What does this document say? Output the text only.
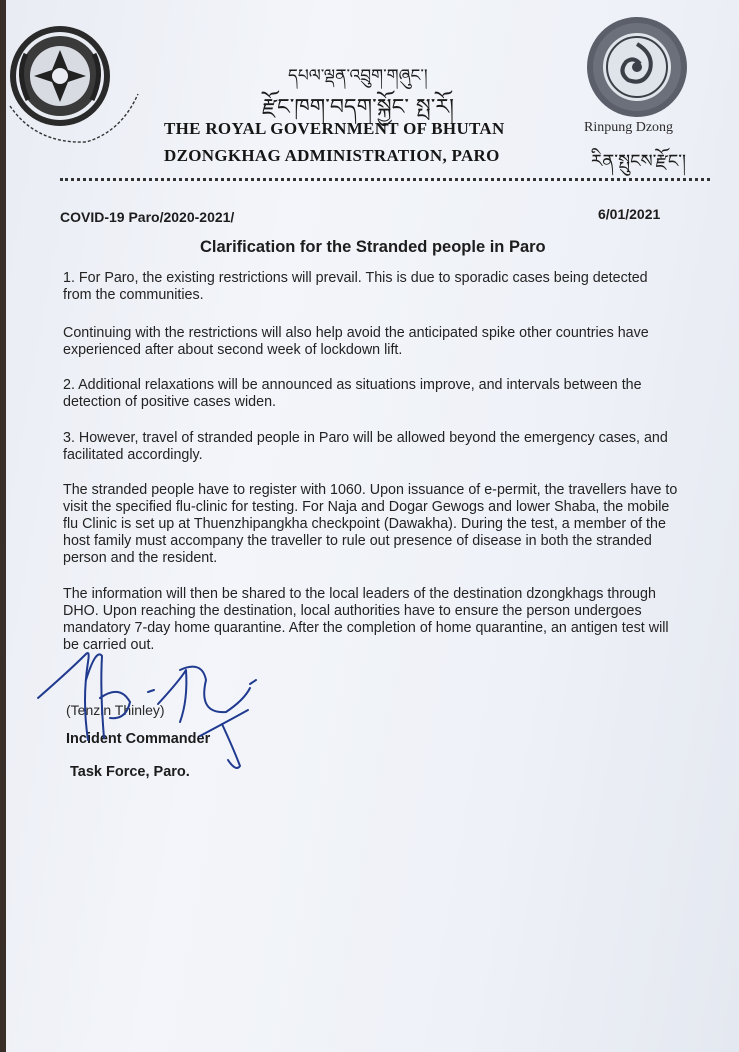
དཔལ་ལྡན་འབྲུག་གཞུང་།
རྫོང་ཁག་བདག་སྐྱོང་ སྤ་རོ།
THE ROYAL GOVERNMENT OF BHUTAN
DZONGKHAG ADMINISTRATION, PARO
Rinpung Dzong
རིན་སྤུངས་རྫོང་།
COVID-19 Paro/2020-2021/	6/01/2021
Clarification for the Stranded people in Paro
1. For Paro, the existing restrictions will prevail. This is due to sporadic cases being detected
from the communities.
Continuing with the restrictions will also help avoid the anticipated spike other countries have
experienced after about second week of lockdown lift.
2. Additional relaxations will be announced as situations improve, and intervals between the
detection of positive cases widen.
3. However, travel of stranded people in Paro will be allowed beyond the emergency cases, and
facilitated accordingly.
The stranded people have to register with 1060. Upon issuance of e-permit, the travellers have to
visit the specified flu-clinic for testing. For Naja and Dogar Gewogs and lower Shaba, the mobile
flu Clinic is set up at Thuenzhipangkha checkpoint (Dawakha). During the test, a member of the
host family must accompany the traveller to rule out presence of disease in both the stranded
person and the resident.
The information will then be shared to the local leaders of the destination dzongkhags through
DHO. Upon reaching the destination, local authorities have to ensure the person undergoes
mandatory 7-day home quarantine. After the completion of home quarantine, an antigen test will
be carried out.
(Tenzin Thinley)
Incident Commander
Task Force, Paro.
